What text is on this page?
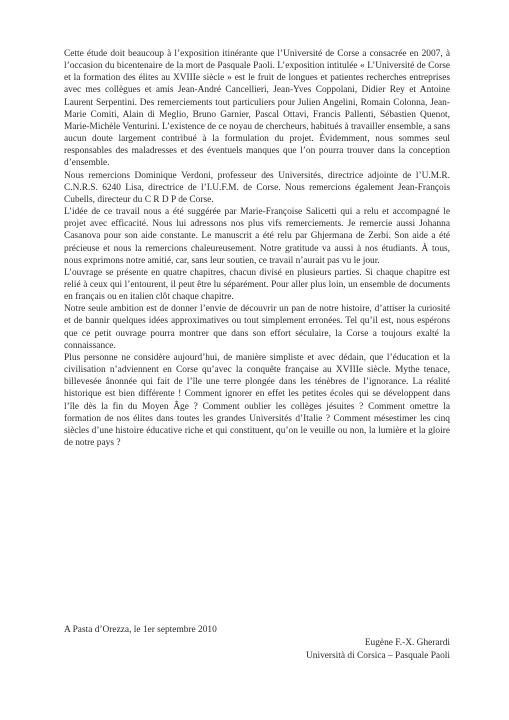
Cette étude doit beaucoup à l’exposition itinérante que l’Université de Corse a consacrée en 2007, à l’occasion du bicentenaire de la mort de Pasquale Paoli. L’exposition intitulée « L’Université de Corse et la formation des élites au XVIIIe siècle » est le fruit de longues et patientes recherches entreprises avec mes collègues et amis Jean-André Cancellieri, Jean-Yves Coppolani, Didier Rey et Antoine Laurent Serpentini. Des remerciements tout particuliers pour Julien Angelini, Romain Colonna, Jean-Marie Comiti, Alain di Meglio, Bruno Garnier, Pascal Ottavi, Francis Pallenti, Sébastien Quenot, Marie-Michèle Venturini. L’existence de ce noyau de chercheurs, habitués à travailler ensemble, a sans aucun doute largement contribué à la formulation du projet. Évidemment, nous sommes seul responsables des maladresses et des éventuels manques que l’on pourra trouver dans la conception d’ensemble.

Nous remercions Dominique Verdoni, professeur des Universités, directrice adjointe de l’U.M.R. C.N.R.S. 6240 Lisa, directrice de l’I.U.F.M. de Corse. Nous remercions également Jean-François Cubells, directeur du C R D P de Corse.

L’idée de ce travail nous a été suggérée par Marie-Françoise Salicetti qui a relu et accompagné le projet avec efficacité. Nous lui adressons nos plus vifs remerciements. Je remercie aussi Johanna Casanova pour son aide constante. Le manuscrit a été relu par Ghjermana de Zerbi. Son aide a été précieuse et nous la remercions chaleureusement. Notre gratitude va aussi à nos étudiants. À tous, nous exprimons notre amitié, car, sans leur soutien, ce travail n’aurait pas vu le jour.

L’ouvrage se présente en quatre chapitres, chacun divisé en plusieurs parties. Si chaque chapitre est relié à ceux qui l’entourent, il peut être lu séparément. Pour aller plus loin, un ensemble de documents en français ou en italien clôt chaque chapitre.

Notre seule ambition est de donner l’envie de découvrir un pan de notre histoire, d’attiser la curiosité et de bannir quelques idées approximatives ou tout simplement erronées. Tel qu’il est, nous espérons que ce petit ouvrage pourra montrer que dans son effort séculaire, la Corse a toujours exalté la connaissance.

Plus personne ne considère aujourd’hui, de manière simpliste et avec dédain, que l’éducation et la civilisation n’adviennent en Corse qu’avec la conquête française au XVIIIe siècle. Mythe tenace, billevesée ânonnée qui fait de l’île une terre plongée dans les ténèbres de l’ignorance. La réalité historique est bien différente ! Comment ignorer en effet les petites écoles qui se développent dans l’île dès la fin du Moyen Âge ? Comment oublier les collèges jésuites ? Comment omettre la formation de nos élites dans toutes les grandes Universités d’Italie ? Comment mésestimer les cinq siècles d’une histoire éducative riche et qui constituent, qu’on le veuille ou non, la lumière et la gloire de notre pays ?

A Pasta d’Orezza, le 1er septembre 2010
Eugène F.-X. Gherardi
Università di Corsica – Pasquale Paoli
